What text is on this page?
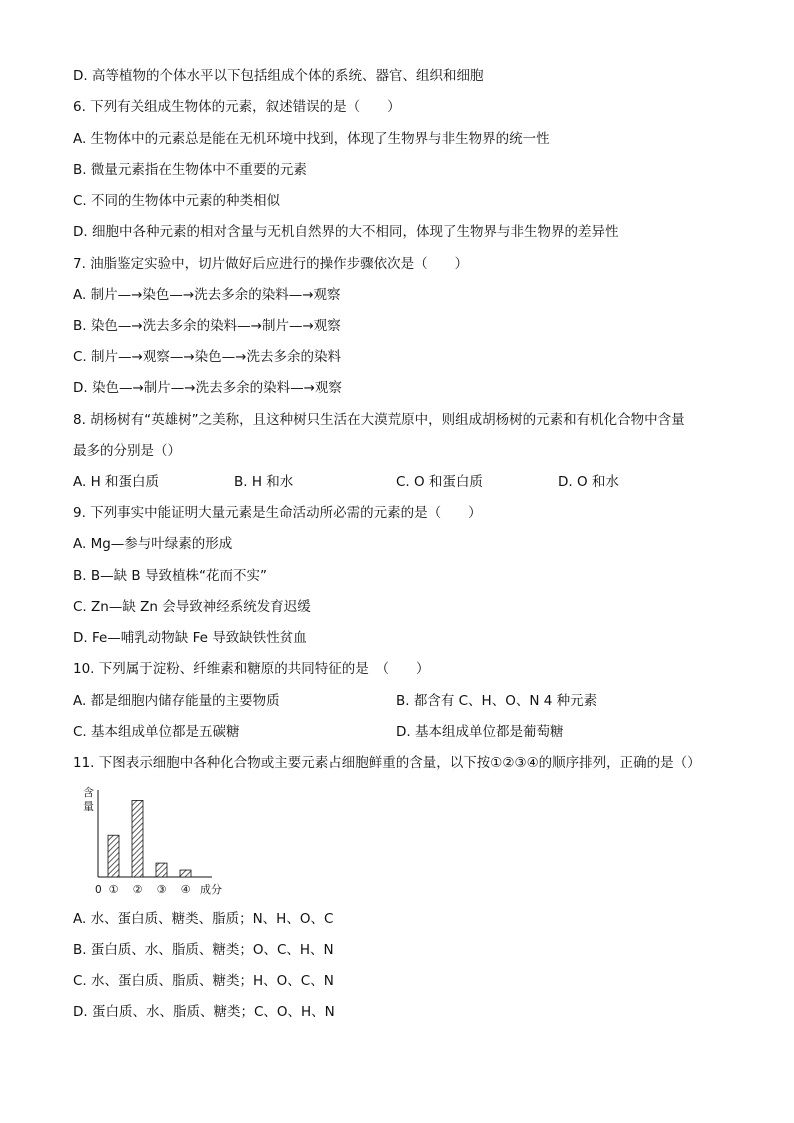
D. 高等植物的个体水平以下包括组成个体的系统、器官、组织和细胞
6. 下列有关组成生物体的元素，叙述错误的是（　　）
A. 生物体中的元素总是能在无机环境中找到，体现了生物界与非生物界的统一性
B. 微量元素指在生物体中不重要的元素
C. 不同的生物体中元素的种类相似
D. 细胞中各种元素的相对含量与无机自然界的大不相同，体现了生物界与非生物界的差异性
7. 油脂鉴定实验中，切片做好后应进行的操作步骤依次是（　　）
A. 制片—→染色—→洗去多余的染料—→观察
B. 染色—→洗去多余的染料—→制片—→观察
C. 制片—→观察—→染色—→洗去多余的染料
D. 染色—→制片—→洗去多余的染料—→观察
8. 胡杨树有“英雄树”之美称，且这种树只生活在大漠荒原中，则组成胡杨树的元素和有机化合物中含量
最多的分别是（）
A. H 和蛋白质	B. H 和水	C. O 和蛋白质	D. O 和水
9. 下列事实中能证明大量元素是生命活动所必需的元素的是（　　）
A. Mg—参与叶绿素的形成
B. B—缺 B 导致植株“花而不实”
C. Zn—缺 Zn 会导致神经系统发育迟缓
D. Fe—哺乳动物缺 Fe 导致缺铁性贫血
10. 下列属于淀粉、纤维素和糖原的共同特征的是　（　　）
A. 都是细胞内储存能量的主要物质	B. 都含有 C、H、O、N 4 种元素
C. 基本组成单位都是五碳糖	D. 基本组成单位都是葡萄糖
11. 下图表示细胞中各种化合物或主要元素占细胞鲜重的含量，以下按①②③④的顺序排列，正确的是（）
含
量
0	成分
① ② ③ ④
A. 水、蛋白质、糖类、脂质；N、H、O、C
B. 蛋白质、水、脂质、糖类；O、C、H、N
C. 水、蛋白质、脂质、糖类；H、O、C、N
D. 蛋白质、水、脂质、糖类；C、O、H、N
